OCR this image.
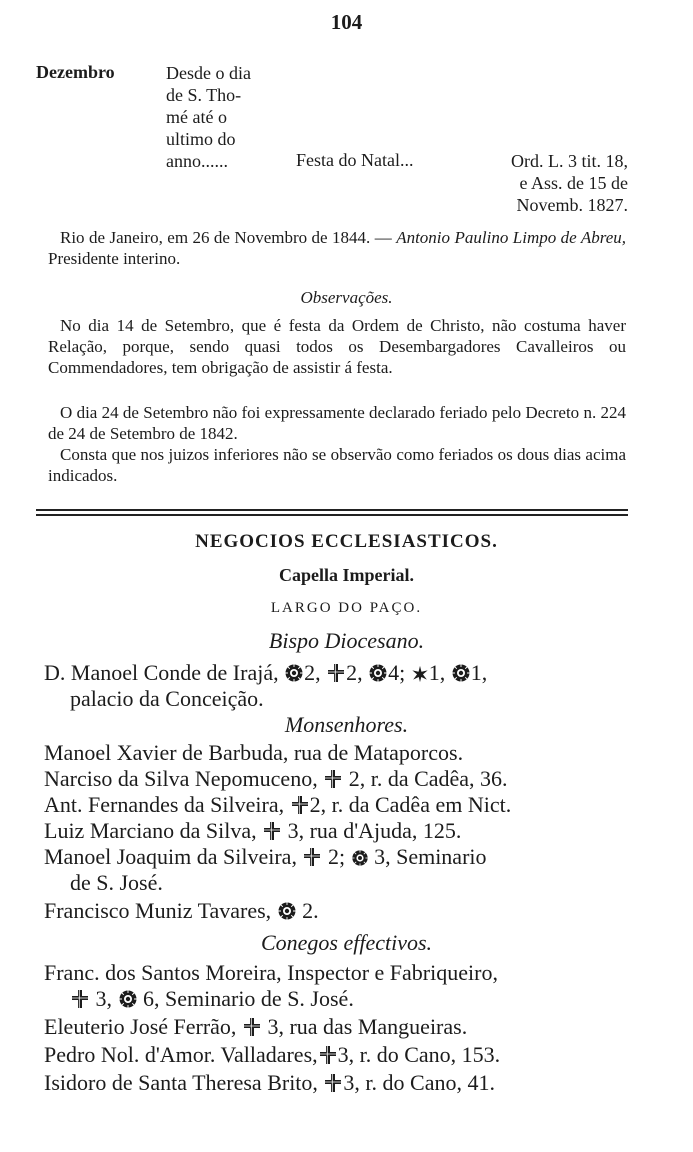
104
Dezembro	Desde o dia
de S. Tho-
mé até o
ultimo do
anno......	Festa do Natal...	Ord. L. 3 tit. 18,
e Ass. de 15 de
Novemb. 1827.
Rio de Janeiro, em 26 de Novembro de 1844. — Antonio Paulino Limpo de Abreu, Presidente interino.
Observações.
No dia 14 de Setembro, que é festa da Ordem de Christo, não costuma haver Relação, porque, sendo quasi todos os Desembargadores Cavalleiros ou Commendadores, tem obrigação de assistir á festa.
O dia 24 de Setembro não foi expressamente declarado feriado pelo Decreto n. 224 de 24 de Setembro de 1842.
Consta que nos juizos inferiores não se observão como feriados os dous dias acima indicados.
NEGOCIOS ECCLESIASTICOS.
Capella Imperial.
LARGO DO PAÇO.
Bispo Diocesano.
D. Manoel Conde de Irajá, 2, 2, 4; 1, 1,
palacio da Conceição.
Monsenhores.
Manoel Xavier de Barbuda, rua de Mataporcos.
Narciso da Silva Nepomuceno, 2, r. da Cadêa, 36.
Ant. Fernandes da Silveira, 2, r. da Cadêa em Nict.
Luiz Marciano da Silva, 3, rua d'Ajuda, 125.
Manoel Joaquim da Silveira, 2; 3, Seminario
de S. José.
Francisco Muniz Tavares, 2.
Conegos effectivos.
Franc. dos Santos Moreira, Inspector e Fabriqueiro,
3, 6, Seminario de S. José.
Eleuterio José Ferrão, 3, rua das Mangueiras.
Pedro Nol. d'Amor. Valladares, 3, r. do Cano, 153.
Isidoro de Santa Theresa Brito, 3, r. do Cano, 41.
